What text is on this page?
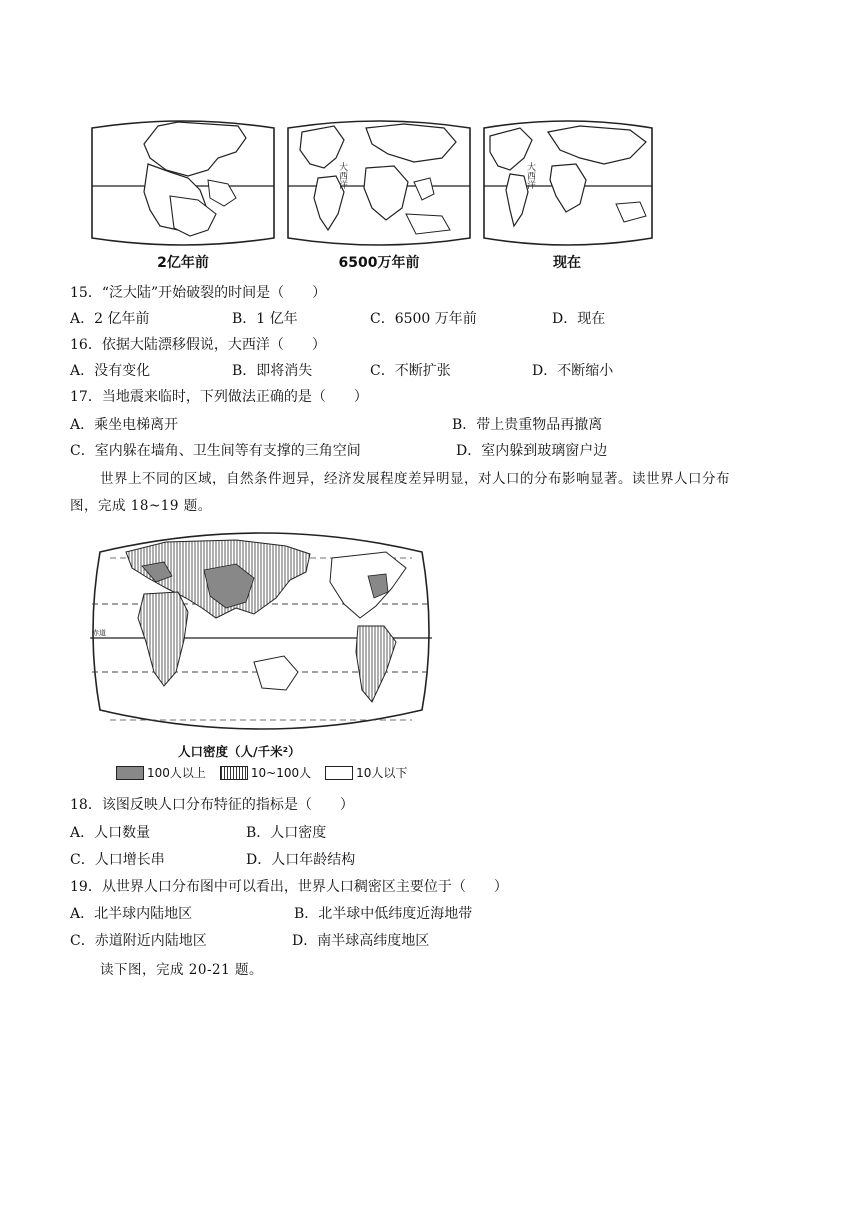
大西洋	大西洋
2亿年前	6500万年前	现在
15．“泛大陆”开始破裂的时间是（　　）
A．2 亿年前	B．1 亿年	C．6500 万年前	D．现在
16．依据大陆漂移假说，大西洋（　　）
A．没有变化	B．即将消失	C．不断扩张	D．不断缩小
17．当地震来临时，下列做法正确的是（　　）
A．乘坐电梯离开	B．带上贵重物品再撤离
C．室内躲在墙角、卫生间等有支撑的三角空间	D．室内躲到玻璃窗户边
世界上不同的区域，自然条件迥异，经济发展程度差异明显，对人口的分布影响显著。读世界人口分布
图，完成 18~19 题。
赤道
人口密度（人/千米²）
100人以上	10~100人	10人以下
18．该图反映人口分布特征的指标是（　　）
A．人口数量	B．人口密度
C．人口增长串	D．人口年龄结构
19．从世界人口分布图中可以看出，世界人口稠密区主要位于（　　）
A．北半球内陆地区	B．北半球中低纬度近海地带
C．赤道附近内陆地区	D．南半球高纬度地区
读下图，完成 20-21 题。
